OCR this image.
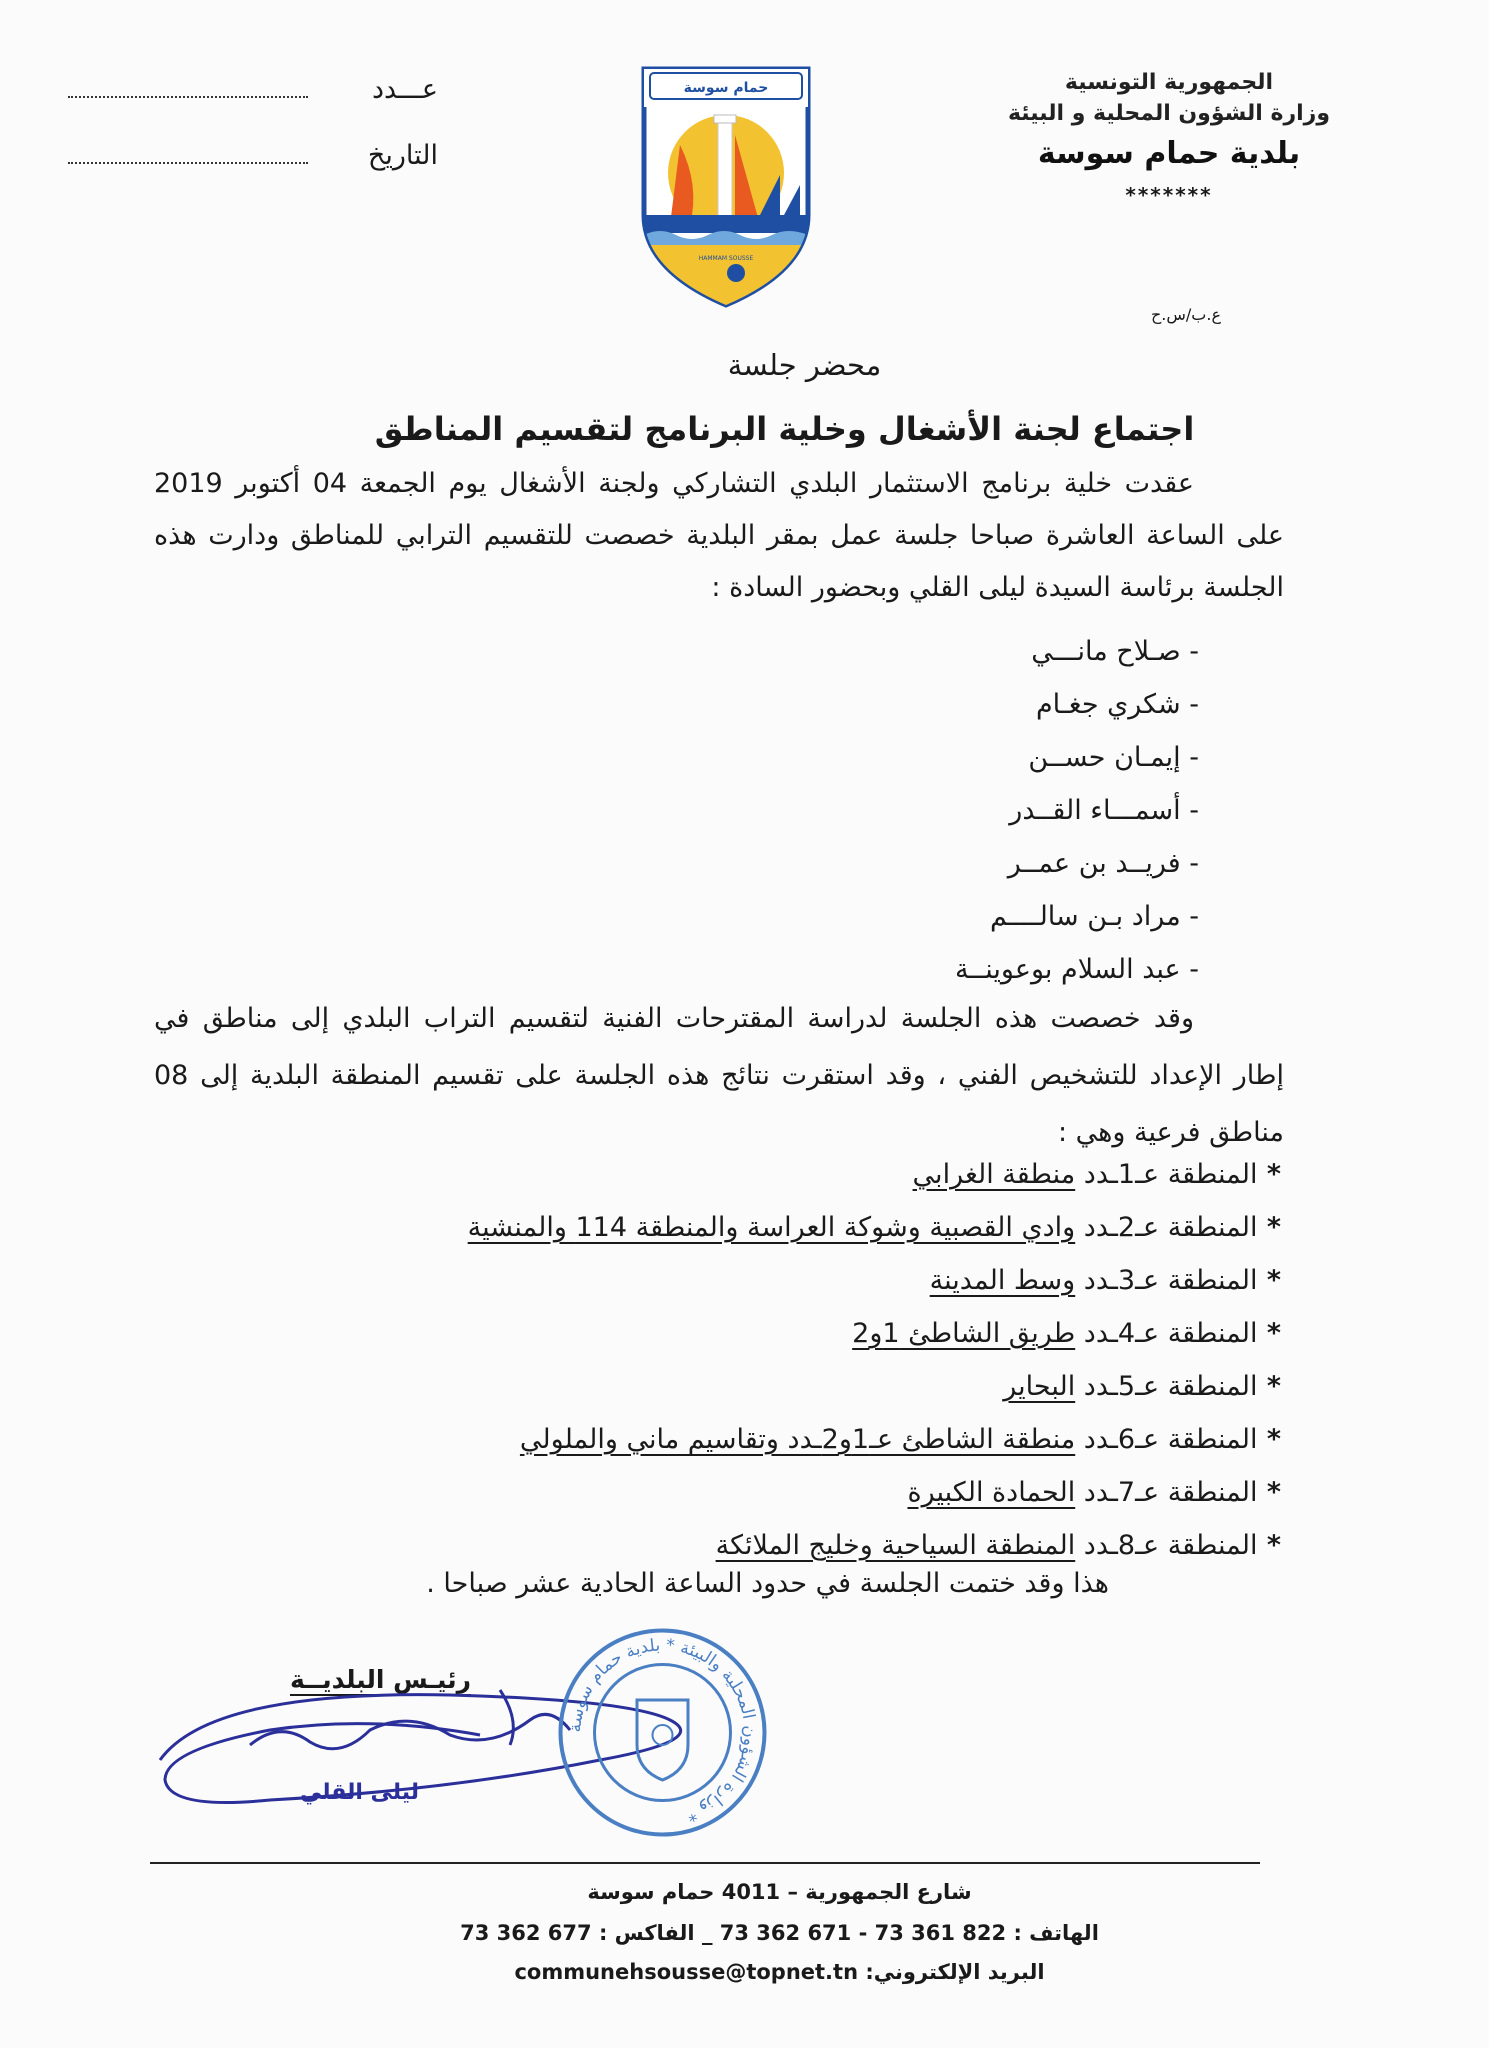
الجمهورية التونسية
وزارة الشؤون المحلية و البيئة
بلدية حمام سوسة
*******
ع.ب/س.ح
عـــدد
التاريخ
حمام سوسة
HAMMAM SOUSSE
محضر جلسة
اجتماع لجنة الأشغال وخلية البرنامج لتقسيم المناطق
عقدت خلية برنامج الاستثمار البلدي التشاركي ولجنة الأشغال يوم الجمعة 04 أكتوبر 2019 على الساعة العاشرة صباحا جلسة عمل بمقر البلدية خصصت للتقسيم الترابي للمناطق ودارت هذه الجلسة برئاسة السيدة ليلى القلي وبحضور السادة :
- صـلاح مانـــي
- شكري جغـام
- إيمـان حســن
- أسمـــاء القــدر
- فريــد بن عمــر
- مراد بـن سالــــم
- عبد السلام بوعوينــة
وقد خصصت هذه الجلسة لدراسة المقترحات الفنية لتقسيم التراب البلدي إلى مناطق في إطار الإعداد للتشخيص الفني ، وقد استقرت نتائج هذه الجلسة على تقسيم المنطقة البلدية إلى 08 مناطق فرعية وهي :
* المنطقة عـ1ـدد منطقة الغرابي
* المنطقة عـ2ـدد وادي القصبية وشوكة العراسة والمنطقة 114 والمنشية
* المنطقة عـ3ـدد وسط المدينة
* المنطقة عـ4ـدد طريق الشاطئ 1و2
* المنطقة عـ5ـدد البحاير
* المنطقة عـ6ـدد منطقة الشاطئ عـ1و2ـدد وتقاسيم ماني والملولي
* المنطقة عـ7ـدد الحمادة الكبيرة
* المنطقة عـ8ـدد المنطقة السياحية وخليج الملائكة
هذا وقد ختمت الجلسة في حدود الساعة الحادية عشر صباحا .
رئيـس البلديــة
ليلى القلي
وزارة الشؤون المحلية والبيئة * بلدية حمام سوسة *
شارع الجمهورية – 4011 حمام سوسة
الهاتف : 73 362 671 - 73 361 822 _ الفاكس : 73 362 677
البريد الإلكتروني: communehsousse@topnet.tn
